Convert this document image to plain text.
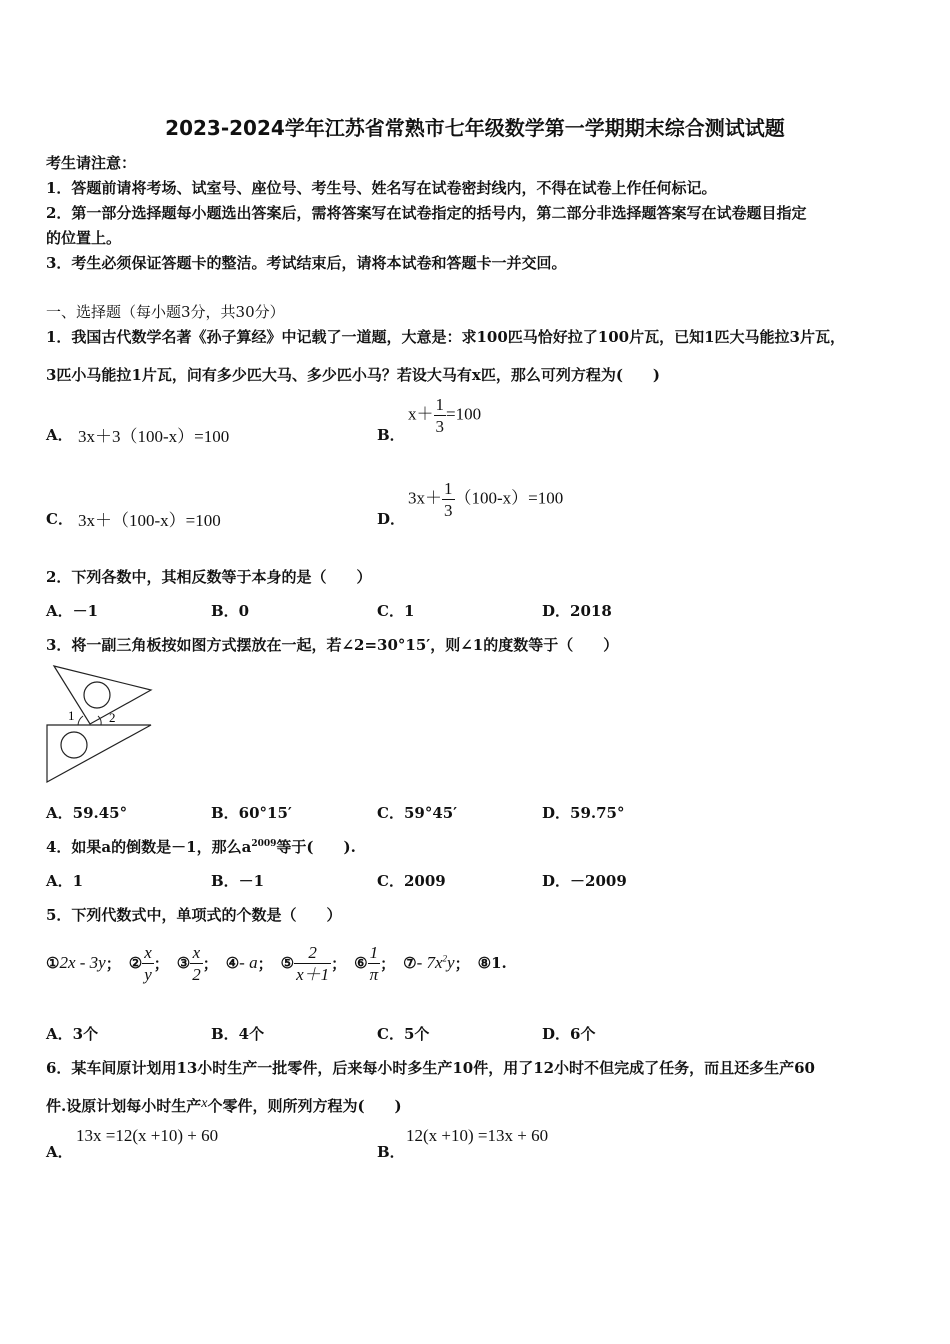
2023-2024学年江苏省常熟市七年级数学第一学期期末综合测试试题
考生请注意：
1．答题前请将考场、试室号、座位号、考生号、姓名写在试卷密封线内，不得在试卷上作任何标记。
2．第一部分选择题每小题选出答案后，需将答案写在试卷指定的括号内，第二部分非选择题答案写在试卷题目指定
的位置上。
3．考生必须保证答题卡的整洁。考试结束后，请将本试卷和答题卡一并交回。
一、选择题（每小题3分，共30分）
1．我国古代数学名著《孙子算经》中记载了一道题，大意是：求100匹马恰好拉了100片瓦，已知1匹大马能拉3片瓦，
3匹小马能拉1片瓦，问有多少匹大马、多少匹小马？若设大马有x匹，那么可列方程为(　　)
A． 3x＋3（100-x）=100	B．
$x+ \frac{1}{3} =100$
C． 3x＋（100-x）=100	D．
$3x+ \frac{1}{3} (100-x)=100$
2．下列各数中，其相反数等于本身的是（　　）
A．－1	B．0	C．1	D．2018
3．将一副三角板按如图方式摆放在一起，若∠2=30°15′，则∠1的度数等于（　　）
1	2
A．59.45°	B．60°15′	C．59°45′	D．59.75°
4．如果a的倒数是－1，那么$a^{2009}$等于(　　).
A．1	B．－1	C．2009	D．－2009
5．下列代数式中，单项式的个数是（　　）
① 2x - 3y ； ② $\frac{x}{y}$ ； ③ $\frac{x}{2}$ ； ④ - a ； ⑤ $\frac{2}{x+1}$ ； ⑥ $\frac{1}{\pi}$ ； ⑦ - $7x^2y$ ； ⑧ 1.
A．3个	B．4个	C．5个	D．6个
6．某车间原计划用13小时生产一批零件，后来每小时多生产10件，用了12小时不但完成了任务，而且还多生产60
件.设原计划每小时生产x个零件，则所列方程为(　　)
A．
13x =12(x +10) + 60
B．
12(x +10) =13x + 60
